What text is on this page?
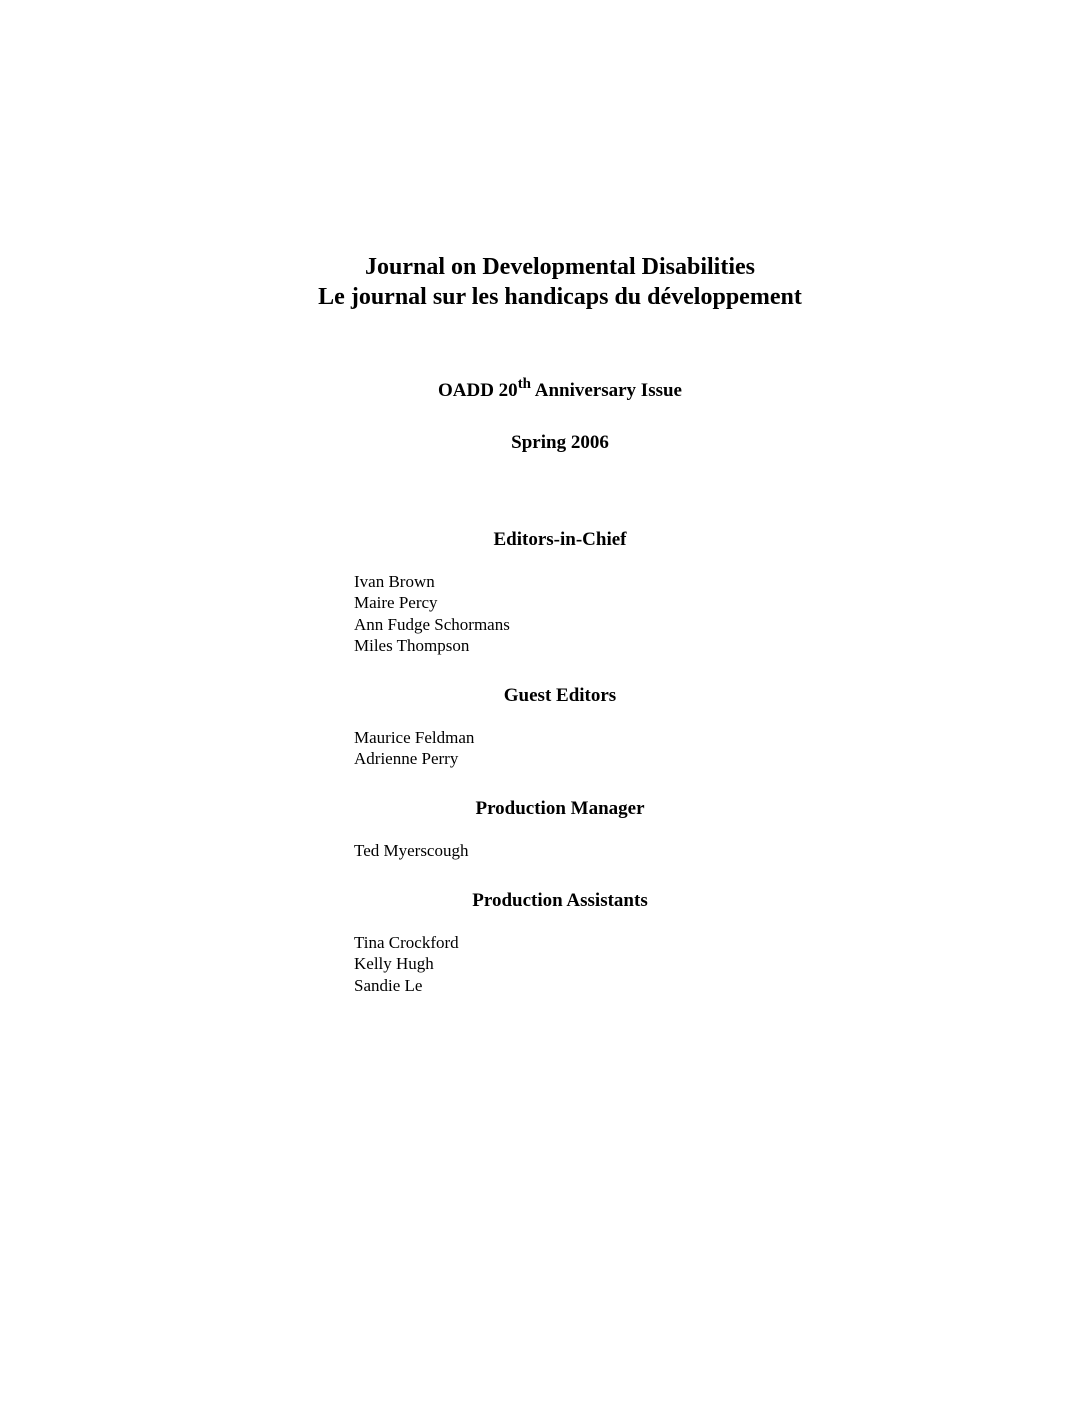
Journal on Developmental Disabilities
Le journal sur les handicaps du développement
OADD 20th Anniversary Issue
Spring 2006
Editors-in-Chief
Ivan Brown
Maire Percy
Ann Fudge Schormans
Miles Thompson
Guest Editors
Maurice Feldman
Adrienne Perry
Production Manager
Ted Myerscough
Production Assistants
Tina Crockford
Kelly Hugh
Sandie Le
